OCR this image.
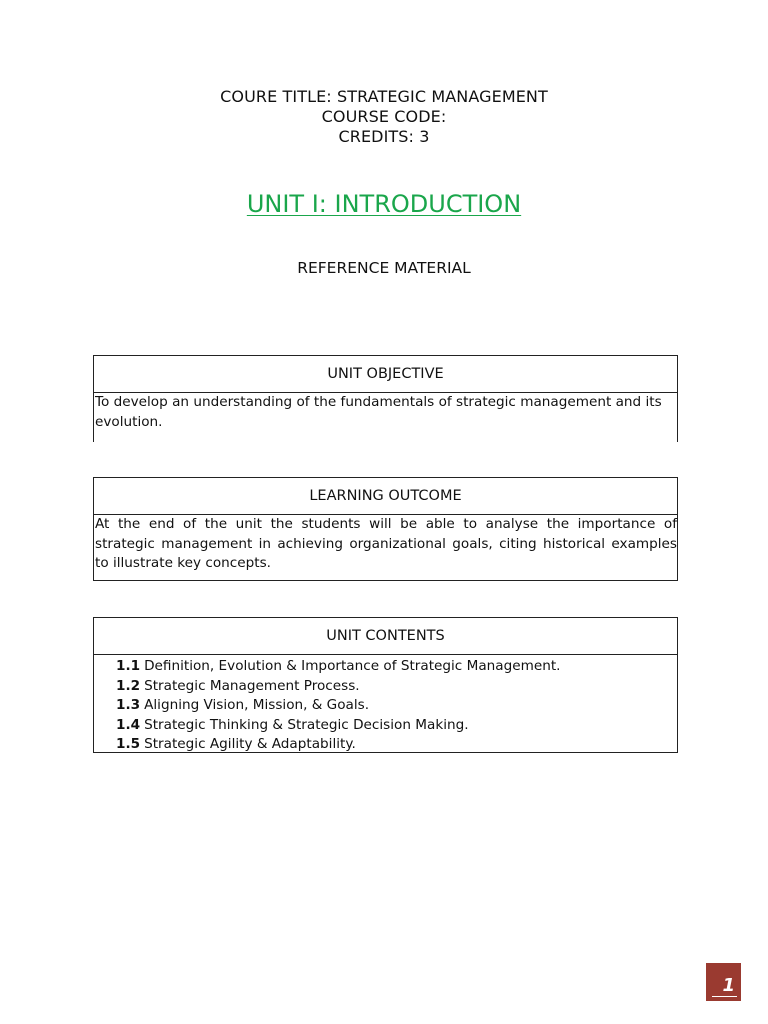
COURE TITLE: STRATEGIC MANAGEMENT
COURSE CODE:
CREDITS: 3
UNIT I: INTRODUCTION
REFERENCE MATERIAL
UNIT OBJECTIVE
To develop an understanding of the fundamentals of strategic management and its evolution.
LEARNING OUTCOME
At the end of the unit the students will be able to analyse the importance of strategic management in achieving organizational goals, citing historical examples to illustrate key concepts.
UNIT CONTENTS
1.1 Definition, Evolution & Importance of Strategic Management.
1.2 Strategic Management Process.
1.3 Aligning Vision, Mission, & Goals.
1.4 Strategic Thinking & Strategic Decision Making.
1.5 Strategic Agility & Adaptability.
1
